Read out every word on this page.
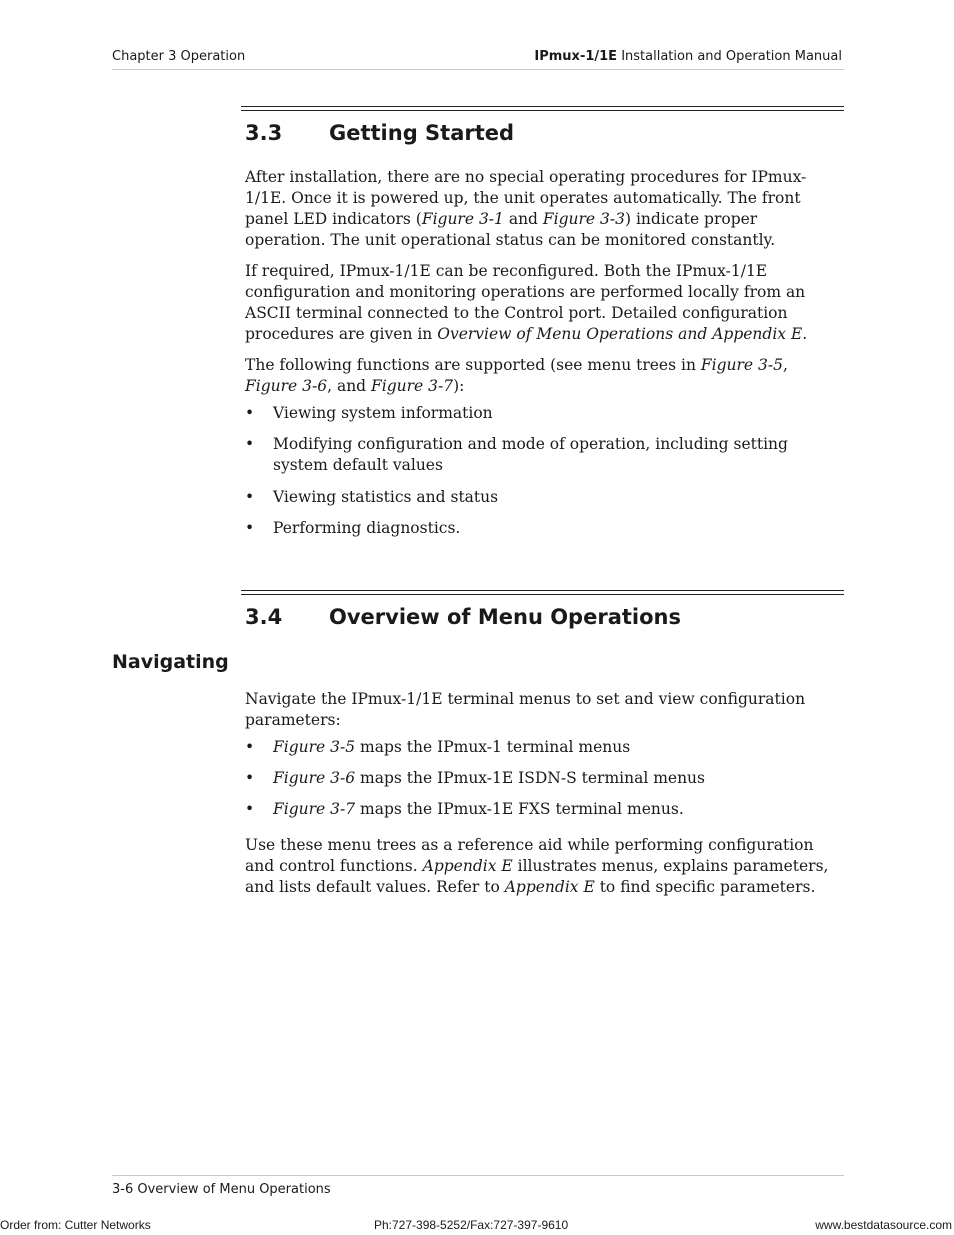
Chapter 3 Operation	IPmux-1/1E Installation and Operation Manual
3.3 Getting Started

After installation, there are no special operating procedures for IPmux-1/1E. Once it is powered up, the unit operates automatically. The front panel LED indicators (Figure 3-1 and Figure 3-3) indicate proper operation. The unit operational status can be monitored constantly.

If required, IPmux-1/1E can be reconfigured. Both the IPmux-1/1E configuration and monitoring operations are performed locally from an ASCII terminal connected to the Control port. Detailed configuration procedures are given in Overview of Menu Operations and Appendix E.

The following functions are supported (see menu trees in Figure 3-5, Figure 3-6, and Figure 3-7):

• Viewing system information
• Modifying configuration and mode of operation, including setting system default values
• Viewing statistics and status
• Performing diagnostics.
3.4 Overview of Menu Operations
Navigating
Navigate the IPmux-1/1E terminal menus to set and view configuration parameters:
• Figure 3-5 maps the IPmux-1 terminal menus
• Figure 3-6 maps the IPmux-1E ISDN-S terminal menus
• Figure 3-7 maps the IPmux-1E FXS terminal menus.

Use these menu trees as a reference aid while performing configuration and control functions. Appendix E illustrates menus, explains parameters, and lists default values. Refer to Appendix E to find specific parameters.

3-6 Overview of Menu Operations
Order from: Cutter Networks	Ph:727-398-5252/Fax:727-397-9610	www.bestdatasource.com
